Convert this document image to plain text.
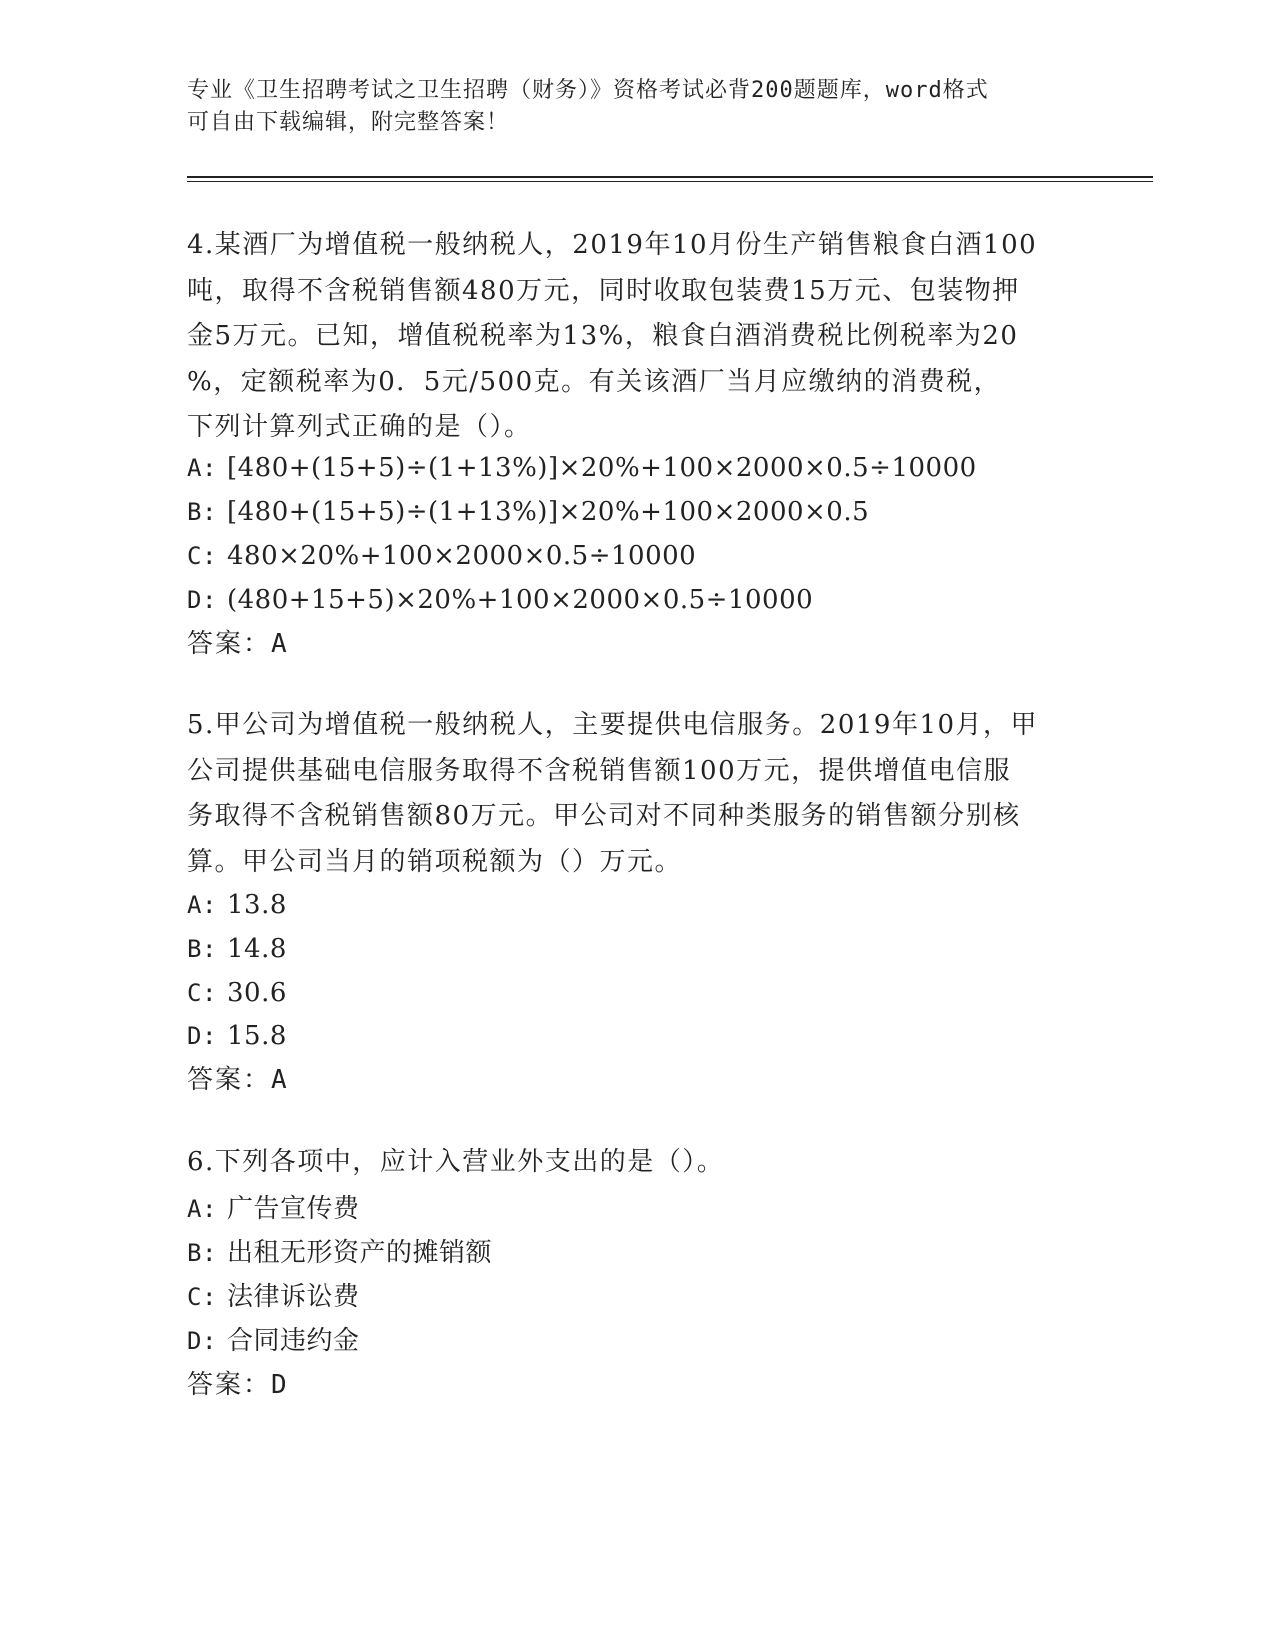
专业《卫生招聘考试之卫生招聘（财务）》资格考试必背200题题库，word格式
可自由下载编辑，附完整答案！
4.某酒厂为增值税一般纳税人，2019年10月份生产销售粮食白酒100
吨，取得不含税销售额480万元，同时收取包装费15万元、包装物押
金5万元。已知，增值税税率为13%，粮食白酒消费税比例税率为20
%，定额税率为0．5元/500克。有关该酒厂当月应缴纳的消费税，
下列计算列式正确的是（）。
A: [480+(15+5)÷(1+13%)]×20%+100×2000×0.5÷10000
B: [480+(15+5)÷(1+13%)]×20%+100×2000×0.5
C: 480×20%+100×2000×0.5÷10000
D: (480+15+5)×20%+100×2000×0.5÷10000
答案：A
5.甲公司为增值税一般纳税人，主要提供电信服务。2019年10月，甲
公司提供基础电信服务取得不含税销售额100万元，提供增值电信服
务取得不含税销售额80万元。甲公司对不同种类服务的销售额分别核
算。甲公司当月的销项税额为（）万元。
A: 13.8
B: 14.8
C: 30.6
D: 15.8
答案：A
6.下列各项中，应计入营业外支出的是（）。
A: 广告宣传费
B: 出租无形资产的摊销额
C: 法律诉讼费
D: 合同违约金
答案：D
